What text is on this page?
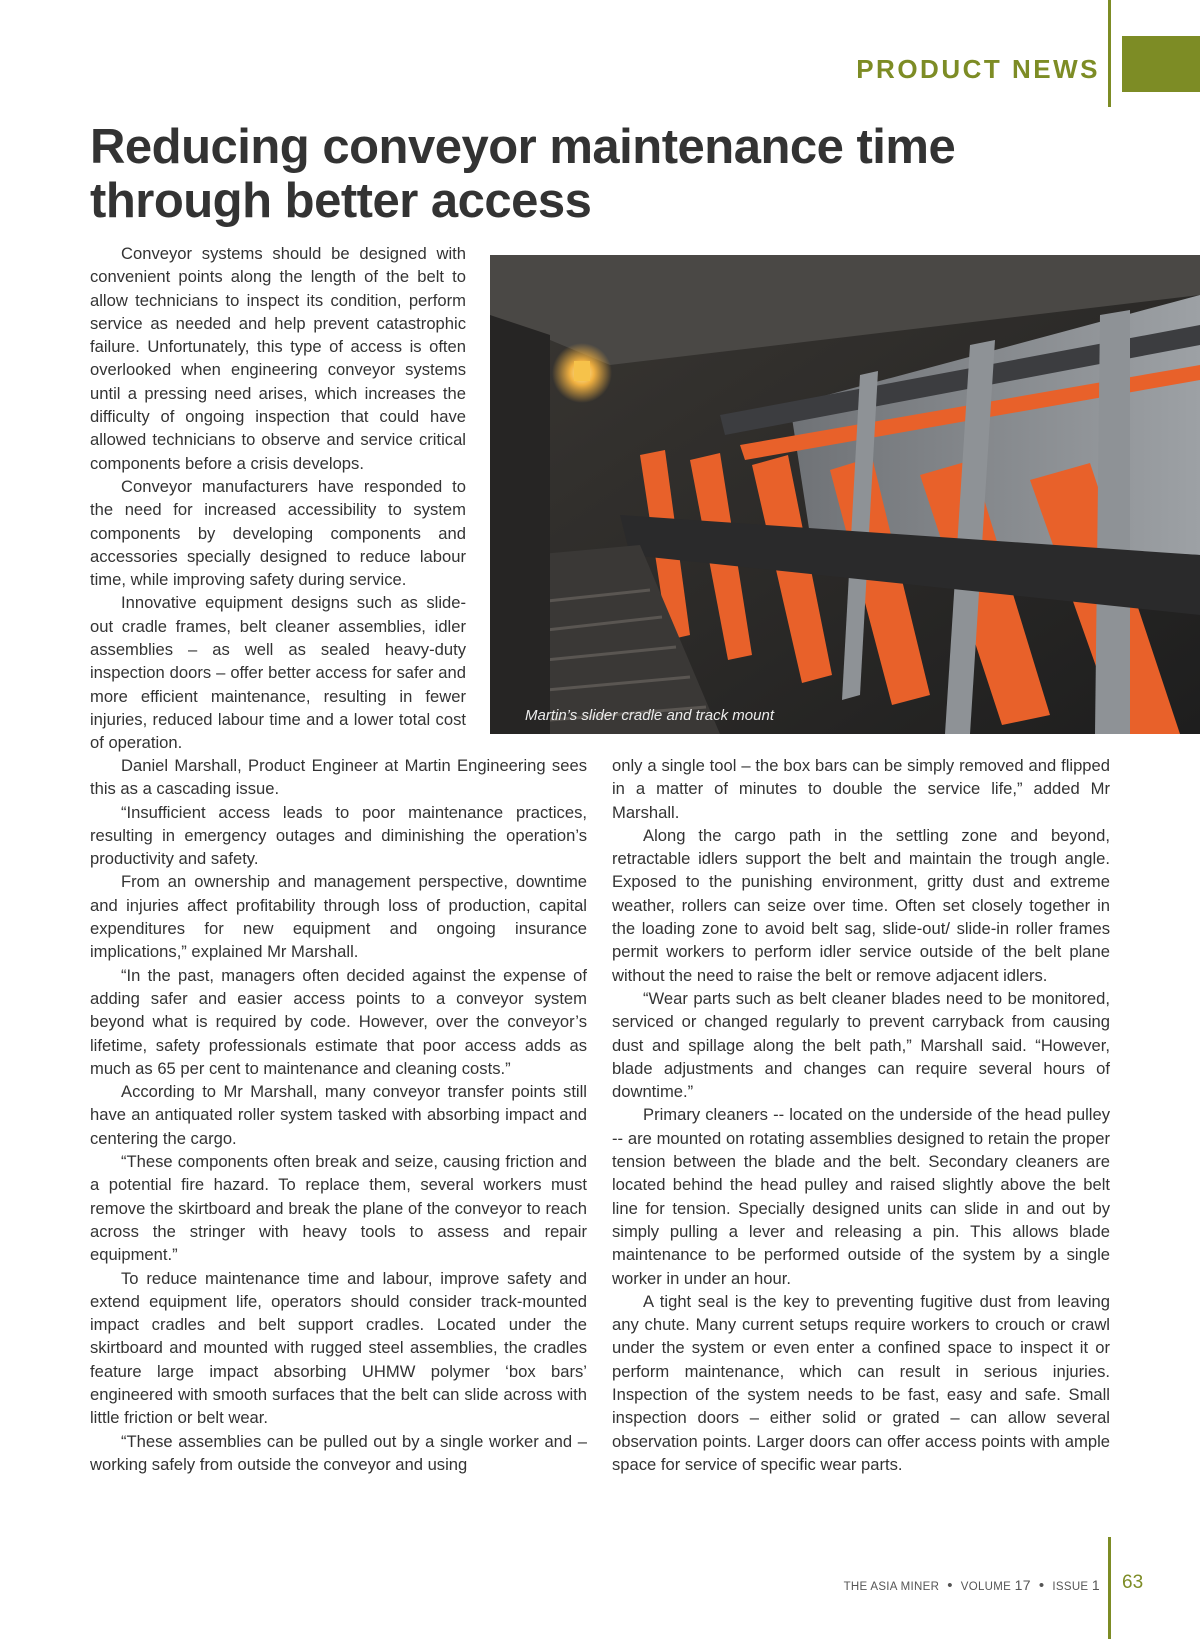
PRODUCT NEWS
Reducing conveyor maintenance time through better access

Conveyor systems should be designed with convenient points along the length of the belt to allow technicians to inspect its condition, perform service as needed and help prevent catastrophic failure. Unfortunately, this type of access is often overlooked when engineering conveyor systems until a pressing need arises, which increases the difficulty of ongoing inspection that could have allowed technicians to observe and service critical components before a crisis develops.

Conveyor manufacturers have responded to the need for increased accessibility to system components by developing components and accessories specially designed to reduce labour time, while improving safety during service.

Innovative equipment designs such as slide-out cradle frames, belt cleaner assemblies, idler assemblies – as well as sealed heavy-duty inspection doors – offer better access for safer and more efficient maintenance, resulting in fewer injuries, reduced labour time and a lower total cost of operation.

Martin’s slider cradle and track mount

Daniel Marshall, Product Engineer at Martin Engineering sees this as a cascading issue.

“Insufficient access leads to poor maintenance practices, resulting in emergency outages and diminishing the operation’s productivity and safety.

From an ownership and management perspective, downtime and injuries affect profitability through loss of production, capital expenditures for new equipment and ongoing insurance implications,” explained Mr Marshall.

“In the past, managers often decided against the expense of adding safer and easier access points to a conveyor system beyond what is required by code. However, over the conveyor’s lifetime, safety professionals estimate that poor access adds as much as 65 per cent to maintenance and cleaning costs.”

According to Mr Marshall, many conveyor transfer points still have an antiquated roller system tasked with absorbing impact and centering the cargo.

“These components often break and seize, causing friction and a potential fire hazard. To replace them, several workers must remove the skirtboard and break the plane of the conveyor to reach across the stringer with heavy tools to assess and repair equipment.”

To reduce maintenance time and labour, improve safety and extend equipment life, operators should consider track-mounted impact cradles and belt support cradles. Located under the skirtboard and mounted with rugged steel assemblies, the cradles feature large impact absorbing UHMW polymer ‘box bars’ engineered with smooth surfaces that the belt can slide across with little friction or belt wear.

“These assemblies can be pulled out by a single worker and – working safely from outside the conveyor and using

only a single tool – the box bars can be simply removed and flipped in a matter of minutes to double the service life,” added Mr Marshall.

Along the cargo path in the settling zone and beyond, retractable idlers support the belt and maintain the trough angle. Exposed to the punishing environment, gritty dust and extreme weather, rollers can seize over time. Often set closely together in the loading zone to avoid belt sag, slide-out/ slide-in roller frames permit workers to perform idler service outside of the belt plane without the need to raise the belt or remove adjacent idlers.

“Wear parts such as belt cleaner blades need to be monitored, serviced or changed regularly to prevent carryback from causing dust and spillage along the belt path,” Marshall said. “However, blade adjustments and changes can require several hours of downtime.”

Primary cleaners -- located on the underside of the head pulley -- are mounted on rotating assemblies designed to retain the proper tension between the blade and the belt. Secondary cleaners are located behind the head pulley and raised slightly above the belt line for tension. Specially designed units can slide in and out by simply pulling a lever and releasing a pin. This allows blade maintenance to be performed outside of the system by a single worker in under an hour.

A tight seal is the key to preventing fugitive dust from leaving any chute. Many current setups require workers to crouch or crawl under the system or even enter a confined space to inspect it or perform maintenance, which can result in serious injuries. Inspection of the system needs to be fast, easy and safe. Small inspection doors – either solid or grated – can allow several observation points. Larger doors can offer access points with ample space for service of specific wear parts.

THE ASIA MINER • VOLUME 17 • ISSUE 1 63
